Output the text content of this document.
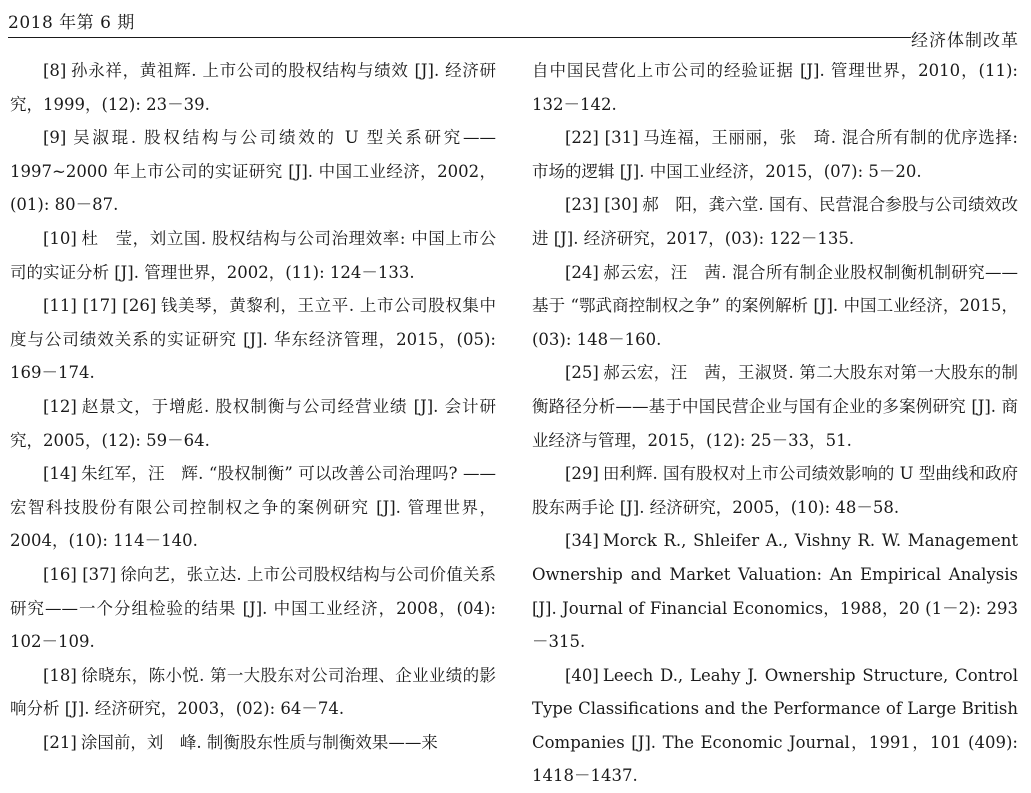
2018 年第 6 期
经济体制改革

[8] 孙永祥，黄祖辉. 上市公司的股权结构与绩效 [J]. 经济研究，1999，(12): 23－39.

[9] 吴淑琨. 股权结构与公司绩效的 U 型关系研究——1997~2000 年上市公司的实证研究 [J]. 中国工业经济，2002，(01): 80－87.

[10] 杜　莹，刘立国. 股权结构与公司治理效率: 中国上市公司的实证分析 [J]. 管理世界，2002，(11): 124－133.

[11] [17] [26] 钱美琴，黄黎利，王立平. 上市公司股权集中度与公司绩效关系的实证研究 [J]. 华东经济管理，2015，(05): 169－174.

[12] 赵景文，于增彪. 股权制衡与公司经营业绩 [J]. 会计研究，2005，(12): 59－64.

[14] 朱红军，汪　辉. “股权制衡” 可以改善公司治理吗? ——宏智科技股份有限公司控制权之争的案例研究 [J]. 管理世界，2004，(10): 114－140.

[16] [37] 徐向艺，张立达. 上市公司股权结构与公司价值关系研究——一个分组检验的结果 [J]. 中国工业经济，2008，(04): 102－109.

[18] 徐晓东，陈小悦. 第一大股东对公司治理、企业业绩的影响分析 [J]. 经济研究，2003，(02): 64－74.

[21] 涂国前，刘　峰. 制衡股东性质与制衡效果——来

自中国民营化上市公司的经验证据 [J]. 管理世界，2010，(11): 132－142.

[22] [31] 马连福，王丽丽，张　琦. 混合所有制的优序选择: 市场的逻辑 [J]. 中国工业经济，2015，(07): 5－20.

[23] [30] 郝　阳，龚六堂. 国有、民营混合参股与公司绩效改进 [J]. 经济研究，2017，(03): 122－135.

[24] 郝云宏，汪　茜. 混合所有制企业股权制衡机制研究——基于 “鄂武商控制权之争” 的案例解析 [J]. 中国工业经济，2015，(03): 148－160.

[25] 郝云宏，汪　茜，王淑贤. 第二大股东对第一大股东的制衡路径分析——基于中国民营企业与国有企业的多案例研究 [J]. 商业经济与管理，2015，(12): 25－33，51.

[29] 田利辉. 国有股权对上市公司绩效影响的 U 型曲线和政府股东两手论 [J]. 经济研究，2005，(10): 48－58.

[34] Morck R., Shleifer A., Vishny R. W. Management Ownership and Market Valuation: An Empirical Analysis [J]. Journal of Financial Economics，1988，20 (1－2): 293－315.

[40] Leech D., Leahy J. Ownership Structure, Control Type Classifications and the Performance of Large British Companies [J]. The Economic Journal，1991，101 (409): 1418－1437.
